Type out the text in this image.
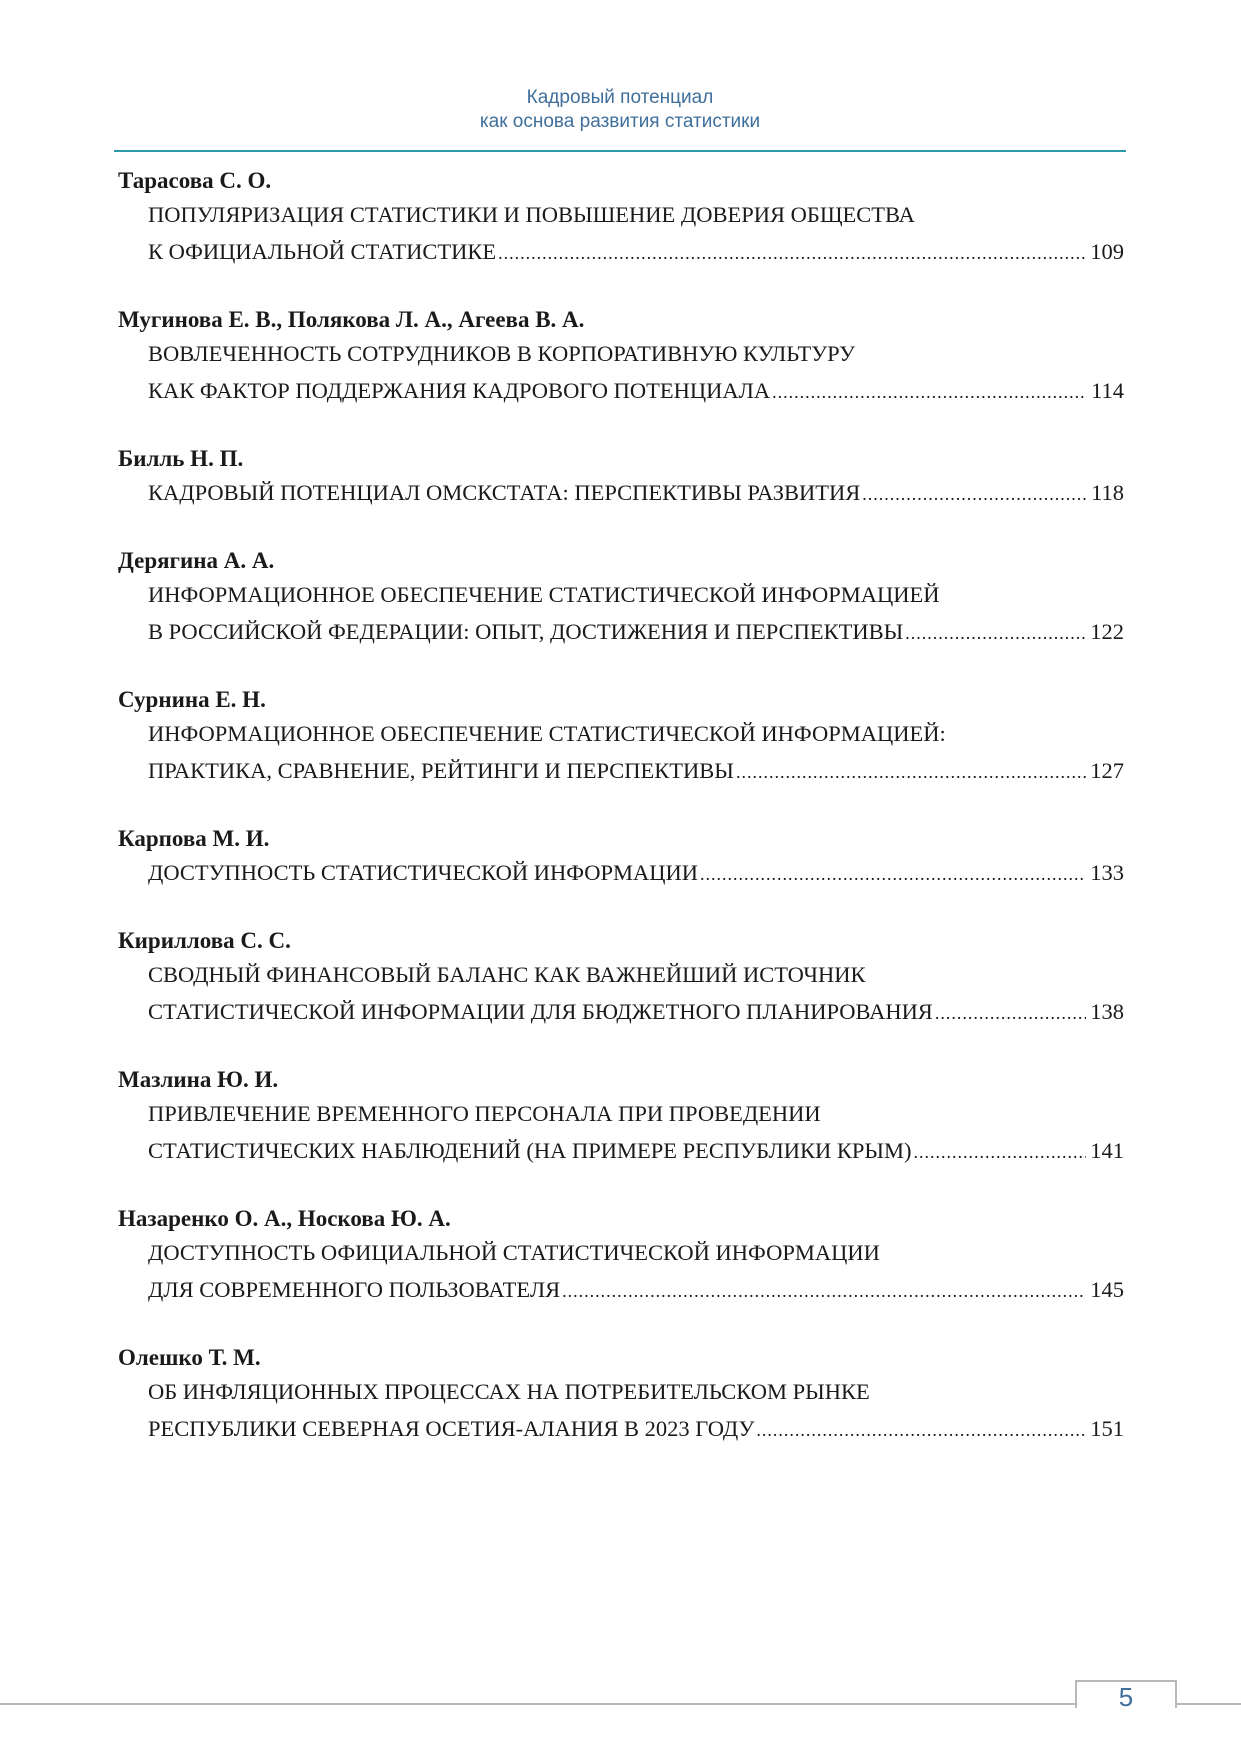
Кадровый потенциал
как основа развития статистики
Тарасова С. О.
ПОПУЛЯРИЗАЦИЯ СТАТИСТИКИ И ПОВЫШЕНИЕ ДОВЕРИЯ ОБЩЕСТВА
К ОФИЦИАЛЬНОЙ СТАТИСТИКЕ .....	109
Мугинова Е. В., Полякова Л. А., Агеева В. А.
ВОВЛЕЧЕННОСТЬ СОТРУДНИКОВ В КОРПОРАТИВНУЮ КУЛЬТУРУ
КАК ФАКТОР ПОДДЕРЖАНИЯ КАДРОВОГО ПОТЕНЦИАЛА .....	114
Билль Н. П.
КАДРОВЫЙ ПОТЕНЦИАЛ ОМСКСТАТА: ПЕРСПЕКТИВЫ РАЗВИТИЯ .....	118
Дерягина А. А.
ИНФОРМАЦИОННОЕ ОБЕСПЕЧЕНИЕ СТАТИСТИЧЕСКОЙ ИНФОРМАЦИЕЙ
В РОССИЙСКОЙ ФЕДЕРАЦИИ: ОПЫТ, ДОСТИЖЕНИЯ И ПЕРСПЕКТИВЫ .....	122
Сурнина Е. Н.
ИНФОРМАЦИОННОЕ ОБЕСПЕЧЕНИЕ СТАТИСТИЧЕСКОЙ ИНФОРМАЦИЕЙ:
ПРАКТИКА, СРАВНЕНИЕ, РЕЙТИНГИ И ПЕРСПЕКТИВЫ .....	127
Карпова М. И.
ДОСТУПНОСТЬ СТАТИСТИЧЕСКОЙ ИНФОРМАЦИИ .....	133
Кириллова С. С.
СВОДНЫЙ ФИНАНСОВЫЙ БАЛАНС КАК ВАЖНЕЙШИЙ ИСТОЧНИК
СТАТИСТИЧЕСКОЙ ИНФОРМАЦИИ ДЛЯ БЮДЖЕТНОГО ПЛАНИРОВАНИЯ .....	138
Мазлина Ю. И.
ПРИВЛЕЧЕНИЕ ВРЕМЕННОГО ПЕРСОНАЛА ПРИ ПРОВЕДЕНИИ
СТАТИСТИЧЕСКИХ НАБЛЮДЕНИЙ (НА ПРИМЕРЕ РЕСПУБЛИКИ КРЫМ) .....	141
Назаренко О. А., Носкова Ю. А.
ДОСТУПНОСТЬ ОФИЦИАЛЬНОЙ СТАТИСТИЧЕСКОЙ ИНФОРМАЦИИ
ДЛЯ СОВРЕМЕННОГО ПОЛЬЗОВАТЕЛЯ .....	145
Олешко Т. М.
ОБ ИНФЛЯЦИОННЫХ ПРОЦЕССАХ НА ПОТРЕБИТЕЛЬСКОМ РЫНКЕ
РЕСПУБЛИКИ СЕВЕРНАЯ ОСЕТИЯ-АЛАНИЯ В 2023 ГОДУ .....	151
5
